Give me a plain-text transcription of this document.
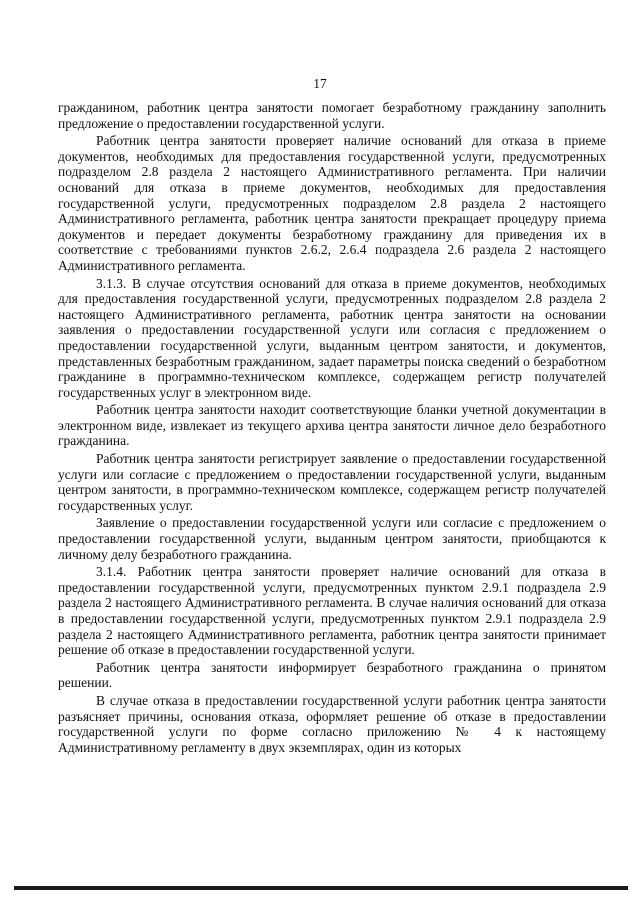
17

гражданином, работник центра занятости помогает безработному гражданину заполнить предложение о предоставлении государственной услуги.

Работник центра занятости проверяет наличие оснований для отказа в приеме документов, необходимых для предоставления государственной услуги, предусмотренных подразделом 2.8 раздела 2 настоящего Административного регламента. При наличии оснований для отказа в приеме документов, необходимых для предоставления государственной услуги, предусмотренных подразделом 2.8 раздела 2 настоящего Административного регламента, работник центра занятости прекращает процедуру приема документов и передает документы безработному гражданину для приведения их в соответствие с требованиями пунктов 2.6.2, 2.6.4 подраздела 2.6 раздела 2 настоящего Административного регламента.

3.1.3. В случае отсутствия оснований для отказа в приеме документов, необходимых для предоставления государственной услуги, предусмотренных подразделом 2.8 раздела 2 настоящего Административного регламента, работник центра занятости на основании заявления о предоставлении государственной услуги или согласия с предложением о предоставлении государственной услуги, выданным центром занятости, и документов, представленных безработным гражданином, задает параметры поиска сведений о безработном гражданине в программно-техническом комплексе, содержащем регистр получателей государственных услуг в электронном виде.

Работник центра занятости находит соответствующие бланки учетной документации в электронном виде, извлекает из текущего архива центра занятости личное дело безработного гражданина.

Работник центра занятости регистрирует заявление о предоставлении государственной услуги или согласие с предложением о предоставлении государственной услуги, выданным центром занятости, в программно-техническом комплексе, содержащем регистр получателей государственных услуг.

Заявление о предоставлении государственной услуги или согласие с предложением о предоставлении государственной услуги, выданным центром занятости, приобщаются к личному делу безработного гражданина.

3.1.4. Работник центра занятости проверяет наличие оснований для отказа в предоставлении государственной услуги, предусмотренных пунктом 2.9.1 подраздела 2.9 раздела 2 настоящего Административного регламента. В случае наличия оснований для отказа в предоставлении государственной услуги, предусмотренных пунктом 2.9.1 подраздела 2.9 раздела 2 настоящего Административного регламента, работник центра занятости принимает решение об отказе в предоставлении государственной услуги.

Работник центра занятости информирует безработного гражданина о принятом решении.

В случае отказа в предоставлении государственной услуги работник центра занятости разъясняет причины, основания отказа, оформляет решение об отказе в предоставлении государственной услуги по форме согласно приложению № 4 к настоящему Административному регламенту в двух экземплярах, один из которых
